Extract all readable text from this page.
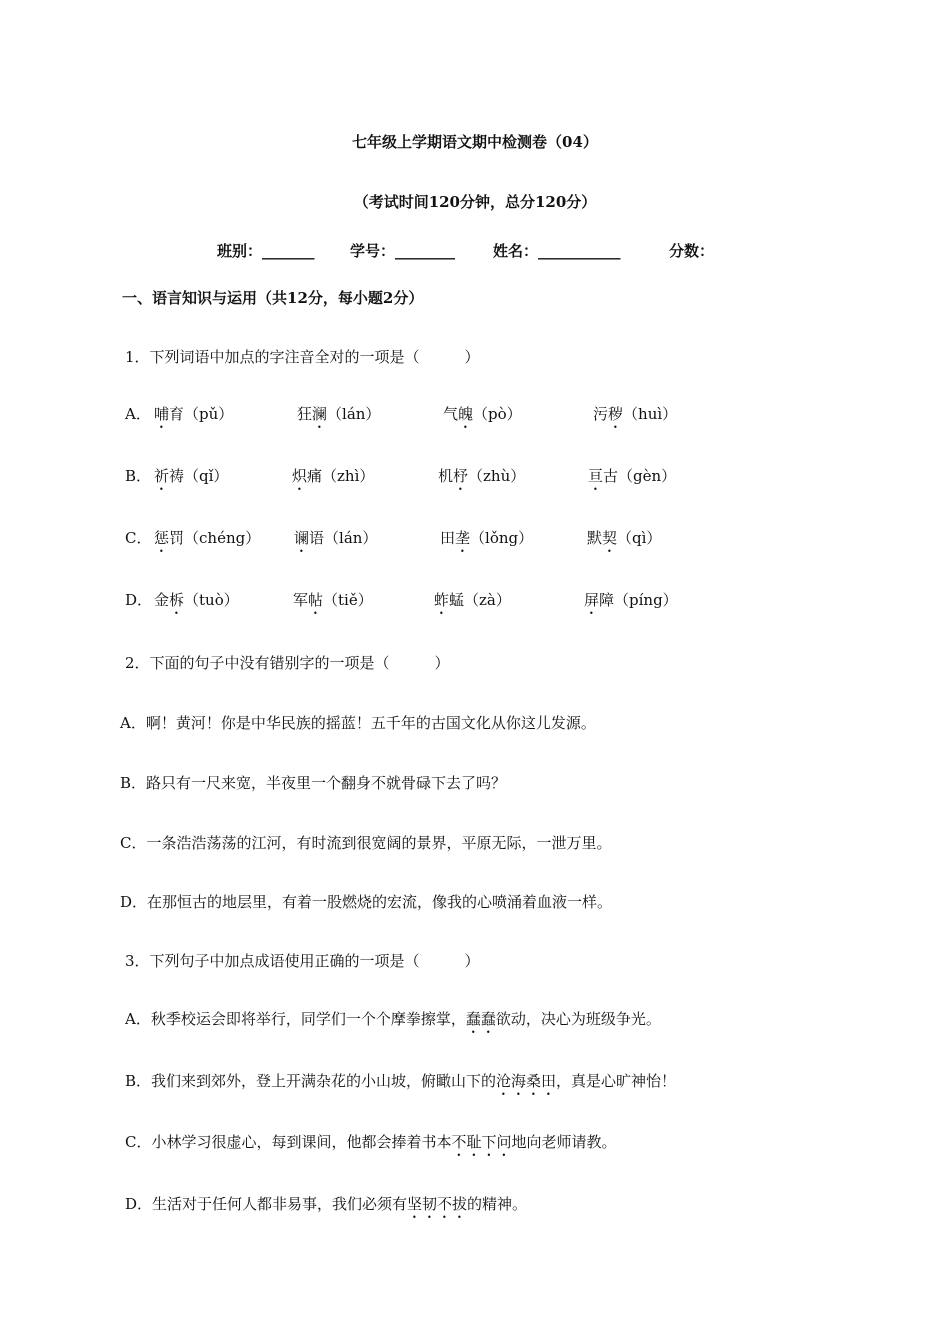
七年级上学期语文期中检测卷（04）
（考试时间120分钟，总分120分）
班别：_______ 学号：________	姓名：___________	分数：
一、语言知识与运用（共12分，每小题2分）
1．下列词语中加点的字注音全对的一项是（　　　）
A． 哺育（pǔ）	狂澜（lán）	气魄（pò）	污秽（huì）
B． 祈祷（qǐ）	炽痛（zhì）	机杼（zhù）	亘古（gèn）
C． 惩罚（chéng） 谰语（lán）	田垄（lǒng）	默契（qì）
D． 金柝（tuò）	军帖（tiě）	蚱蜢（zà）	屏障（píng）
2．下面的句子中没有错别字的一项是（　　　）
A．啊！黄河！你是中华民族的摇蓝！五千年的古国文化从你这儿发源。
B．路只有一尺来宽，半夜里一个翻身不就骨碌下去了吗？
C．一条浩浩荡荡的江河，有时流到很宽阔的景界，平原无际，一泄万里。
D．在那恒古的地层里，有着一股燃烧的宏流，像我的心喷涌着血液一样。
3．下列句子中加点成语使用正确的一项是（　　　）
A．秋季校运会即将举行，同学们一个个摩拳擦掌，蠢蠢欲动，决心为班级争光。
B．我们来到郊外，登上开满杂花的小山坡，俯瞰山下的沧海桑田，真是心旷神怡！
C．小林学习很虚心，每到课间，他都会捧着书本不耻下问地向老师请教。
D．生活对于任何人都非易事，我们必须有坚韧不拔的精神。
